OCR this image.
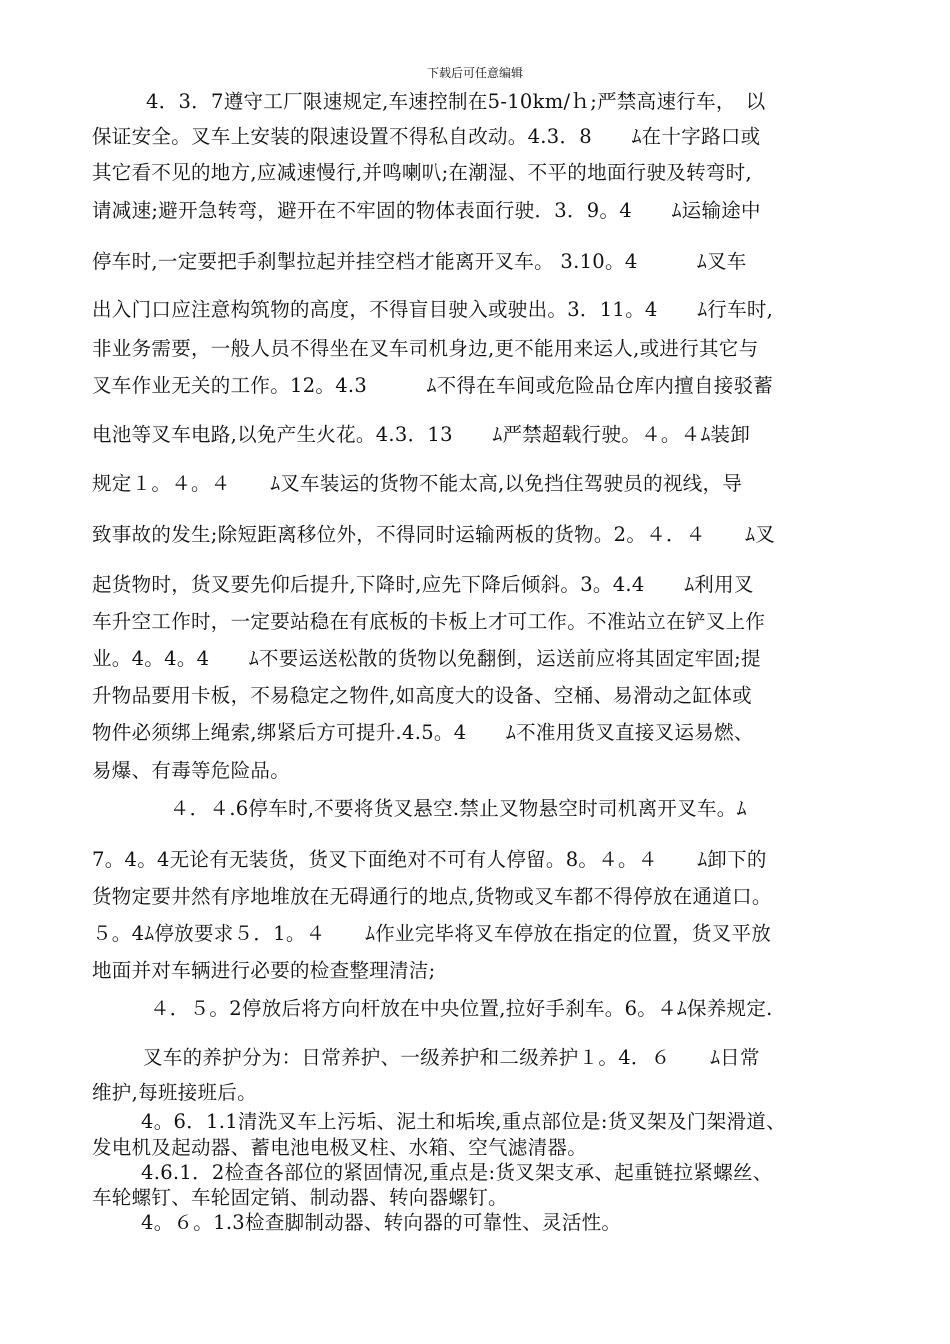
下载后可任意编辑

4．3．7遵守工厂限速规定,车速控制在5-10km/ｈ;严禁高速行车，　以

保证安全。叉车上安装的限速设置不得私自改动。4.3．8　　ﾑ在十字路口或

其它看不见的地方,应减速慢行,并鸣喇叭;在潮湿、不平的地面行驶及转弯时,

请减速;避开急转弯，避开在不牢固的物体表面行驶．3．9。4　　ﾑ运输途中

停车时,一定要把手刹掣拉起并挂空档才能离开叉车。 3.10。4　　　ﾑ叉车

出入门口应注意构筑物的高度，不得盲目驶入或驶出。3．11。4　　ﾑ行车时,

非业务需要，一般人员不得坐在叉车司机身边,更不能用来运人,或进行其它与

叉车作业无关的工作。12。4.3　　　ﾑ不得在车间或危险品仓库内擅自接驳蓄

电池等叉车电路,以免产生火花。4.3．13　　ﾑ严禁超载行驶。４。４ﾑ装卸

规定１。４。４　　ﾑ叉车装运的货物不能太高,以免挡住驾驶员的视线，导

致事故的发生;除短距离移位外，不得同时运输两板的货物。2。４．４　　ﾑ叉

起货物时，货叉要先仰后提升,下降时,应先下降后倾斜。3。4.4　　ﾑ利用叉

车升空工作时，一定要站稳在有底板的卡板上才可工作。不准站立在铲叉上作

业。4。4。4　　ﾑ不要运送松散的货物以免翻倒，运送前应将其固定牢固;提

升物品要用卡板，不易稳定之物件,如高度大的设备、空桶、易滑动之缸体或

物件必须绑上绳索,绑紧后方可提升.4.5。4　　ﾑ不准用货叉直接叉运易燃、

易爆、有毒等危险品。

　４．４.6停车时,不要将货叉悬空.禁止叉物悬空时司机离开叉车。ﾑ

7。4。4无论有无装货，货叉下面绝对不可有人停留。8。４。４　　ﾑ卸下的

货物定要井然有序地堆放在无碍通行的地点,货物或叉车都不得停放在通道口。

５。4ﾑ停放要求５．1。４　　ﾑ作业完毕将叉车停放在指定的位置，货叉平放

地面并对车辆进行必要的检查整理清洁;

４．５。2停放后将方向杆放在中央位置,拉好手刹车。6。４ﾑ保养规定.

叉车的养护分为：日常养护、一级养护和二级养护１。4．６　　ﾑ日常

维护,每班接班后。

4。6．1.1清洗叉车上污垢、泥土和垢埃,重点部位是:货叉架及门架滑道、

发电机及起动器、蓄电池电极叉柱、水箱、空气滤清器。

4.6.1．2检查各部位的紧固情况,重点是:货叉架支承、起重链拉紧螺丝、

车轮螺钉、车轮固定销、制动器、转向器螺钉。

4。６。1.3检查脚制动器、转向器的可靠性、灵活性。
